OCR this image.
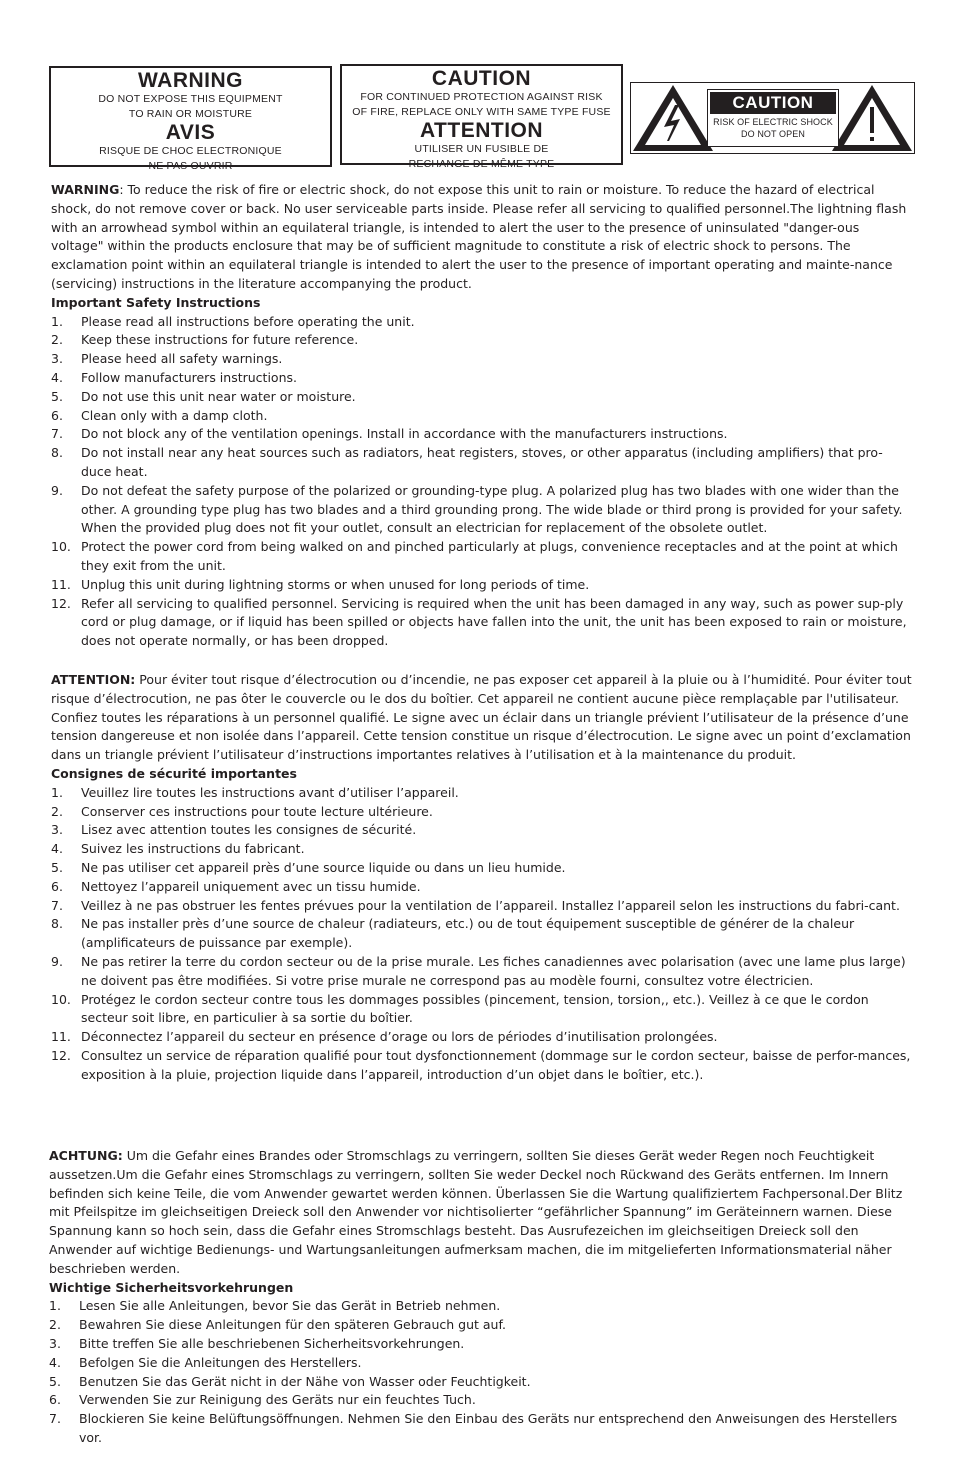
WARNING
DO NOT EXPOSE THIS EQUIPMENT
TO RAIN OR MOISTURE
AVIS
RISQUE DE CHOC ELECTRONIQUE
NE PAS OUVRIR
CAUTION
FOR CONTINUED PROTECTION AGAINST RISK
OF FIRE, REPLACE ONLY WITH SAME TYPE FUSE
ATTENTION
UTILISER UN FUSIBLE DE
RECHANGE DE MÊME TYPE
CAUTION
RISK OF ELECTRIC SHOCK
DO NOT OPEN

WARNING: To reduce the risk of fire or electric shock, do not expose this unit to rain or moisture. To reduce the hazard of electrical shock, do not remove cover or back. No user serviceable parts inside. Please refer all servicing to qualified personnel.The lightning flash with an arrowhead symbol within an equilateral triangle, is intended to alert the user to the presence of uninsulated "danger-ous voltage" within the products enclosure that may be of sufficient magnitude to constitute a risk of electric shock to persons. The exclamation point within an equilateral triangle is intended to alert the user to the presence of important operating and mainte-nance (servicing) instructions in the literature accompanying the product.

Important Safety Instructions
1. Please read all instructions before operating the unit.
2. Keep these instructions for future reference.
3. Please heed all safety warnings.
4. Follow manufacturers instructions.
5. Do not use this unit near water or moisture.
6. Clean only with a damp cloth.
7. Do not block any of the ventilation openings. Install in accordance with the manufacturers instructions.
8. Do not install near any heat sources such as radiators, heat registers, stoves, or other apparatus (including amplifiers) that pro-duce heat.
9. Do not defeat the safety purpose of the polarized or grounding-type plug. A polarized plug has two blades with one wider than the other. A grounding type plug has two blades and a third grounding prong. The wide blade or third prong is provided for your safety. When the provided plug does not fit your outlet, consult an electrician for replacement of the obsolete outlet.
10. Protect the power cord from being walked on and pinched particularly at plugs, convenience receptacles and at the point at which they exit from the unit.
11. Unplug this unit during lightning storms or when unused for long periods of time.
12. Refer all servicing to qualified personnel. Servicing is required when the unit has been damaged in any way, such as power sup-ply cord or plug damage, or if liquid has been spilled or objects have fallen into the unit, the unit has been exposed to rain or moisture, does not operate normally, or has been dropped.

ATTENTION: Pour éviter tout risque d’électrocution ou d’incendie, ne pas exposer cet appareil à la pluie ou à l’humidité. Pour éviter tout risque d’électrocution, ne pas ôter le couvercle ou le dos du boîtier. Cet appareil ne contient aucune pièce remplaçable par l'utilisateur. Confiez toutes les réparations à un personnel qualifié. Le signe avec un éclair dans un triangle prévient l’utilisateur de la présence d’une tension dangereuse et non isolée dans l’appareil. Cette tension constitue un risque d’électrocution. Le signe avec un point d’exclamation dans un triangle prévient l’utilisateur d’instructions importantes relatives à l’utilisation et à la maintenance du produit.

Consignes de sécurité importantes
1. Veuillez lire toutes les instructions avant d’utiliser l’appareil.
2. Conserver ces instructions pour toute lecture ultérieure.
3. Lisez avec attention toutes les consignes de sécurité.
4. Suivez les instructions du fabricant.
5. Ne pas utiliser cet appareil près d’une source liquide ou dans un lieu humide.
6. Nettoyez l’appareil uniquement avec un tissu humide.
7. Veillez à ne pas obstruer les fentes prévues pour la ventilation de l’appareil. Installez l’appareil selon les instructions du fabri-cant.
8. Ne pas installer près d’une source de chaleur (radiateurs, etc.) ou de tout équipement susceptible de générer de la chaleur (amplificateurs de puissance par exemple).
9. Ne pas retirer la terre du cordon secteur ou de la prise murale. Les fiches canadiennes avec polarisation (avec une lame plus large) ne doivent pas être modifiées. Si votre prise murale ne correspond pas au modèle fourni, consultez votre électricien.
10. Protégez le cordon secteur contre tous les dommages possibles (pincement, tension, torsion,, etc.). Veillez à ce que le cordon secteur soit libre, en particulier à sa sortie du boîtier.
11. Déconnectez l’appareil du secteur en présence d’orage ou lors de périodes d’inutilisation prolongées.
12. Consultez un service de réparation qualifié pour tout dysfonctionnement (dommage sur le cordon secteur, baisse de perfor-mances, exposition à la pluie, projection liquide dans l’appareil, introduction d’un objet dans le boîtier, etc.).

ACHTUNG: Um die Gefahr eines Brandes oder Stromschlags zu verringern, sollten Sie dieses Gerät weder Regen noch Feuchtigkeit aussetzen.Um die Gefahr eines Stromschlags zu verringern, sollten Sie weder Deckel noch Rückwand des Geräts entfernen. Im Innern befinden sich keine Teile, die vom Anwender gewartet werden können. Überlassen Sie die Wartung qualifiziertem Fachpersonal.Der Blitz mit Pfeilspitze im gleichseitigen Dreieck soll den Anwender vor nichtisolierter “gefährlicher Spannung” im Geräteinnern warnen. Diese Spannung kann so hoch sein, dass die Gefahr eines Stromschlags besteht. Das Ausrufezeichen im gleichseitigen Dreieck soll den Anwender auf wichtige Bedienungs- und Wartungsanleitungen aufmerksam machen, die im mitgelieferten Informationsmaterial näher beschrieben werden.

Wichtige Sicherheitsvorkehrungen
1. Lesen Sie alle Anleitungen, bevor Sie das Gerät in Betrieb nehmen.
2. Bewahren Sie diese Anleitungen für den späteren Gebrauch gut auf.
3. Bitte treffen Sie alle beschriebenen Sicherheitsvorkehrungen.
4. Befolgen Sie die Anleitungen des Herstellers.
5. Benutzen Sie das Gerät nicht in der Nähe von Wasser oder Feuchtigkeit.
6. Verwenden Sie zur Reinigung des Geräts nur ein feuchtes Tuch.
7. Blockieren Sie keine Belüftungsöffnungen. Nehmen Sie den Einbau des Geräts nur entsprechend den Anweisungen des Herstellers vor.
